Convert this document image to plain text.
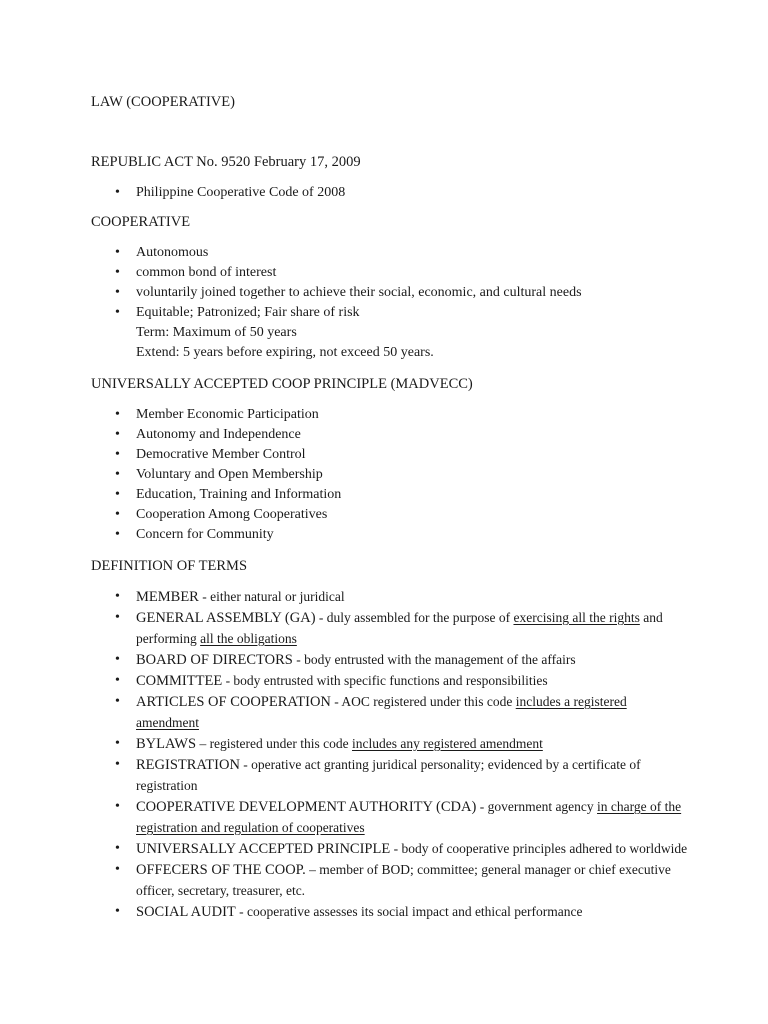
LAW (COOPERATIVE)

REPUBLIC ACT No. 9520 February 17, 2009

• Philippine Cooperative Code of 2008

COOPERATIVE

• Autonomous
• common bond of interest
• voluntarily joined together to achieve their social, economic, and cultural needs
• Equitable; Patronized; Fair share of risk
Term: Maximum of 50 years
Extend: 5 years before expiring, not exceed 50 years.

UNIVERSALLY ACCEPTED COOP PRINCIPLE (MADVECC)

• Member Economic Participation
• Autonomy and Independence
• Democrative Member Control
• Voluntary and Open Membership
• Education, Training and Information
• Cooperation Among Cooperatives
• Concern for Community

DEFINITION OF TERMS

• MEMBER - either natural or juridical
• GENERAL ASSEMBLY (GA) - duly assembled for the purpose of exercising all the rights and performing all the obligations
• BOARD OF DIRECTORS - body entrusted with the management of the affairs
• COMMITTEE - body entrusted with specific functions and responsibilities
• ARTICLES OF COOPERATION - AOC registered under this code includes a registered amendment
• BYLAWS – registered under this code includes any registered amendment
• REGISTRATION - operative act granting juridical personality; evidenced by a certificate of registration
• COOPERATIVE DEVELOPMENT AUTHORITY (CDA) - government agency in charge of the registration and regulation of cooperatives
• UNIVERSALLY ACCEPTED PRINCIPLE - body of cooperative principles adhered to worldwide
• OFFECERS OF THE COOP. – member of BOD; committee; general manager or chief executive officer, secretary, treasurer, etc.
• SOCIAL AUDIT - cooperative assesses its social impact and ethical performance
